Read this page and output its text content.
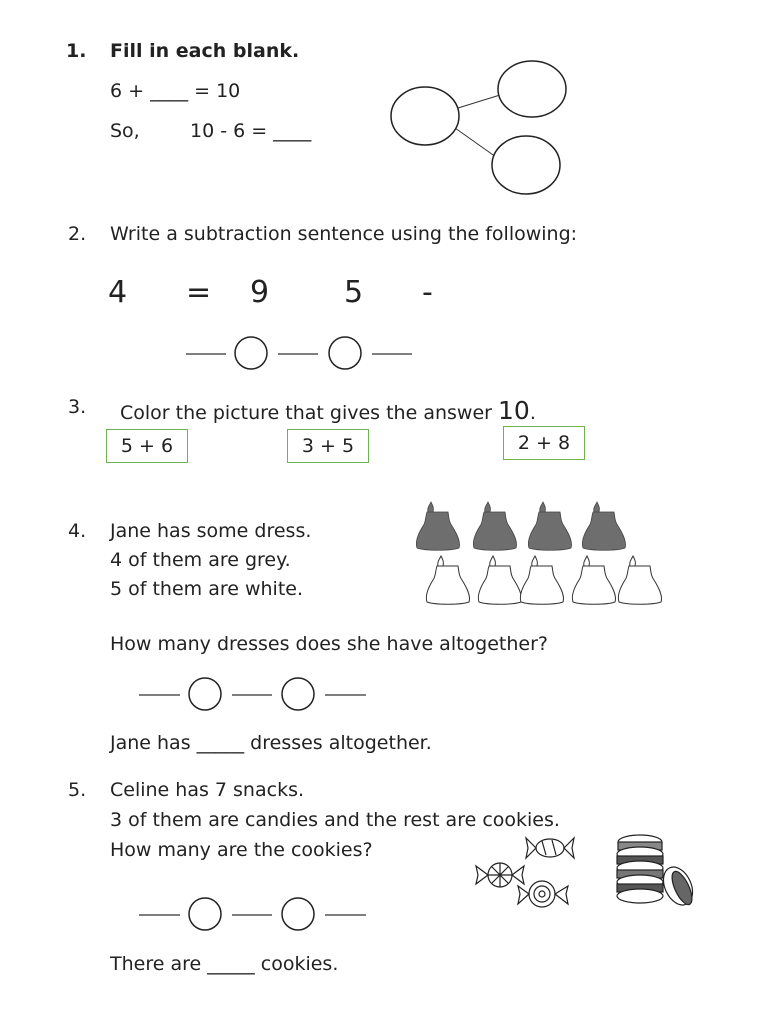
1. Fill in each blank.
6 + ____ = 10
So,	10 - 6 = ____
2. Write a subtraction sentence using the following:
4 = 9 5 -
3. Color the picture that gives the answer 10.
5 + 6	3 + 5	2 + 8
4. Jane has some dress.
4 of them are grey.
5 of them are white.
How many dresses does she have altogether?
Jane has _____ dresses altogether.
5. Celine has 7 snacks.
3 of them are candies and the rest are cookies.
How many are the cookies?
There are _____ cookies.
